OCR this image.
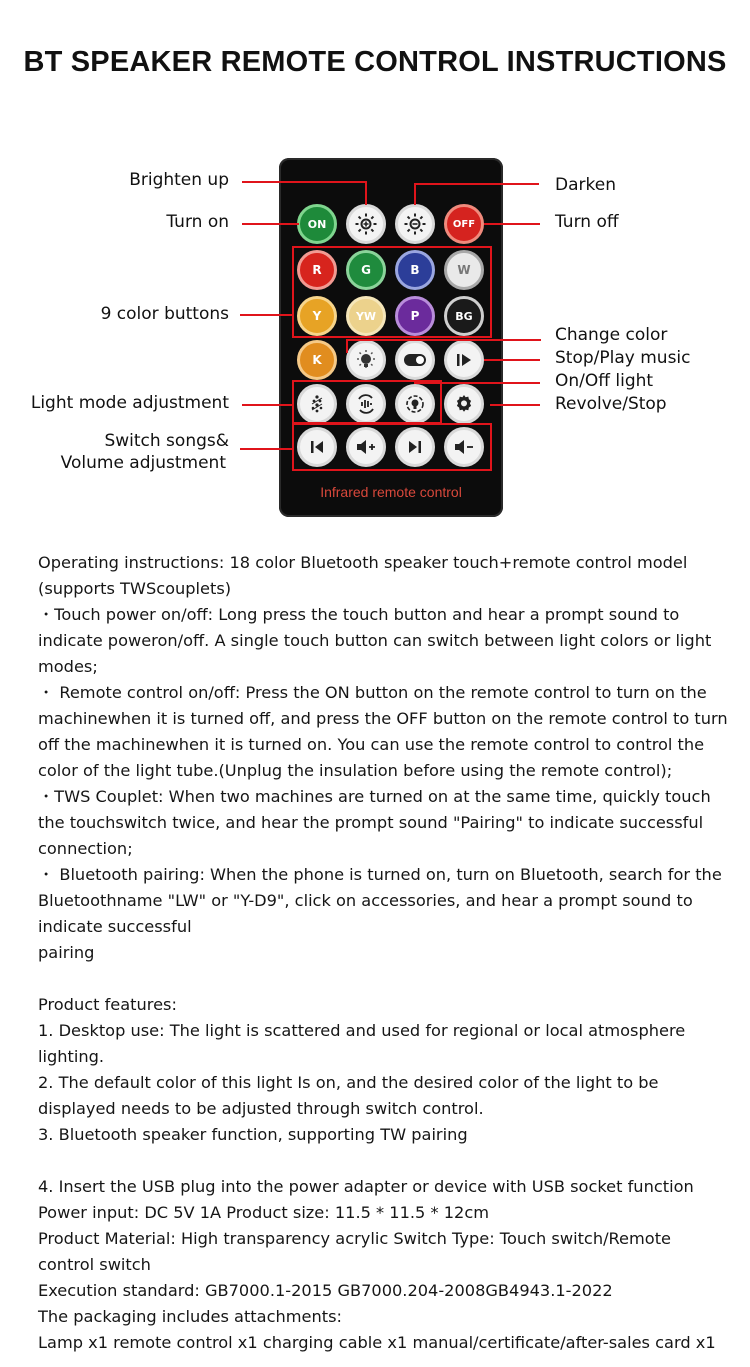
BT SPEAKER REMOTE CONTROL INSTRUCTIONS
ON	OFF
R	G	B	W
Y	YW	P	BG
K
Infrared remote control
Brighten up	Darken
Turn on	Turn off
9 color buttons
Change color
Stop/Play music
On/Off light
Light mode adjustment	Revolve/Stop
Switch songs&
Volume adjustment

Operating instructions: 18 color Bluetooth speaker touch+remote control model (supports TWScouplets)

・Touch power on/off: Long press the touch button and hear a prompt sound to indicate poweron/off. A single touch button can switch between light colors or light modes;

・ Remote control on/off: Press the ON button on the remote control to turn on the machinewhen it is turned off, and press the OFF button on the remote control to turn off the machinewhen it is turned on. You can use the remote control to control the color of the light tube.(Unplug the insulation before using the remote control);

・TWS Couplet: When two machines are turned on at the same time, quickly touch the touchswitch twice, and hear the prompt sound "Pairing" to indicate successful connection;

・ Bluetooth pairing: When the phone is turned on, turn on Bluetooth, search for the Bluetoothname "LW" or "Y-D9", click on accessories, and hear a prompt sound to indicate successful

pairing

Product features:

1. Desktop use: The light is scattered and used for regional or local atmosphere lighting.

2. The default color of this light Is on, and the desired color of the light to be displayed needs to be adjusted through switch control.

3. Bluetooth speaker function, supporting TW pairing

4. Insert the USB plug into the power adapter or device with USB socket function

Power input: DC 5V 1A Product size: 11.5 * 11.5 * 12cm

Product Material: High transparency acrylic Switch Type: Touch switch/Remote control switch

Execution standard: GB7000.1-2015 GB7000.204-2008GB4943.1-2022

The packaging includes attachments:

Lamp x1 remote control x1 charging cable x1 manual/certificate/after-sales card x1
